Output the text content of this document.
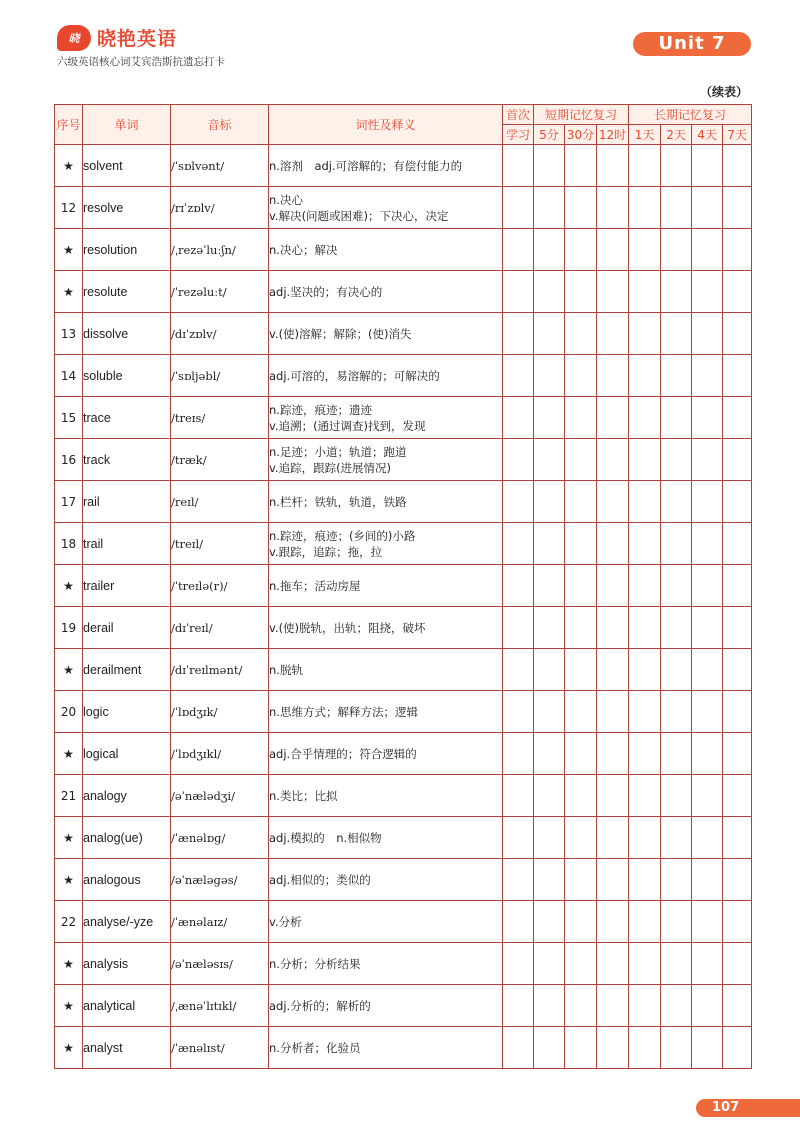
晓 晓艳英语
六级英语核心词艾宾浩斯抗遗忘打卡
Unit 7
（续表）
序号	单词	音标	词性及释义	首次	短期记忆复习			长期记忆复习			
				学习	5分	30分	12时	1天	2天	4天	7天
★	solvent	/ˈsɒlvənt/	n.溶剂　adj.可溶解的；有偿付能力的								

12	resolve	/rɪˈzɒlv/	n.决心
v.解决(问题或困难)；下决心，决定								

★	resolution	/ˌrezəˈluːʃn/	n.决心；解决								

★	resolute	/ˈrezəluːt/	adj.坚决的；有决心的								

13	dissolve	/dɪˈzɒlv/	v.(使)溶解；解除；(使)消失								

14	soluble	/ˈsɒljəbl/	adj.可溶的，易溶解的；可解决的								

15	trace	/treɪs/	n.踪迹，痕迹；遗迹
v.追溯；(通过调查)找到，发现								

16	track	/træk/	n.足迹；小道；轨道；跑道
v.追踪，跟踪(进展情况)								

17	rail	/reɪl/	n.栏杆；铁轨，轨道，铁路								

18	trail	/treɪl/	n.踪迹，痕迹；(乡间的)小路
v.跟踪，追踪；拖，拉								

★	trailer	/ˈtreɪlə(r)/	n.拖车；活动房屋								

19	derail	/dɪˈreɪl/	v.(使)脱轨，出轨；阻挠，破坏								

★	derailment	/dɪˈreɪlmənt/	n.脱轨								

20	logic	/ˈlɒdʒɪk/	n.思维方式；解释方法；逻辑								

★	logical	/ˈlɒdʒɪkl/	adj.合乎情理的；符合逻辑的								

21	analogy	/əˈnælədʒi/	n.类比；比拟								

★	analog(ue)	/ˈænəlɒɡ/	adj.模拟的　n.相似物								

★	analogous	/əˈnæləɡəs/	adj.相似的；类似的								

22	analyse/-yze	/ˈænəlaɪz/	v.分析								

★	analysis	/əˈnæləsɪs/	n.分析；分析结果								

★	analytical	/ˌænəˈlɪtɪkl/	adj.分析的；解析的								

★	analyst	/ˈænəlɪst/	n.分析者；化验员								

107
